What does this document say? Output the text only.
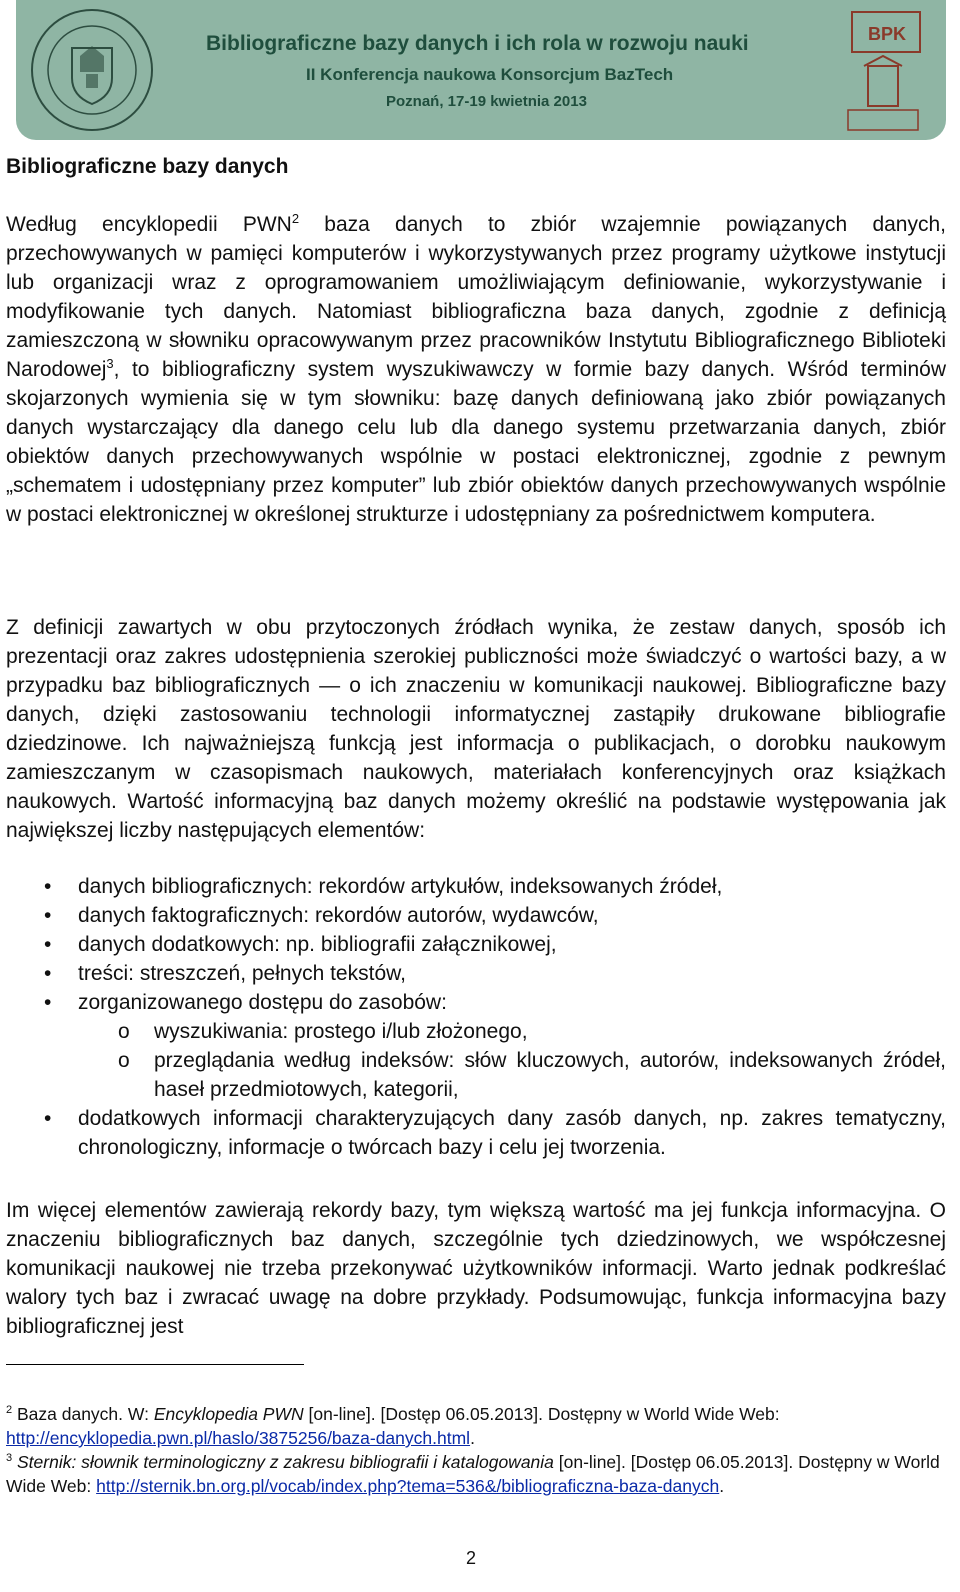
Bibliograficzne bazy danych i ich rola w rozwoju nauki
II Konferencja naukowa Konsorcjum BazTech
Poznań, 17-19 kwietnia 2013
BPK
Bibliograficzne bazy danych

Według encyklopedii PWN$^2$ baza danych to zbiór wzajemnie powiązanych danych, przechowywanych w pamięci komputerów i wykorzystywanych przez programy użytkowe instytucji lub organizacji wraz z oprogramowaniem umożliwiającym definiowanie, wykorzystywanie i modyfikowanie tych danych. Natomiast bibliograficzna baza danych, zgodnie z definicją zamieszczoną w słowniku opracowywanym przez pracowników Instytutu Bibliograficznego Biblioteki Narodowej$^3$, to bibliograficzny system wyszukiwawczy w formie bazy danych. Wśród terminów skojarzonych wymienia się w tym słowniku: bazę danych definiowaną jako zbiór powiązanych danych wystarczający dla danego celu lub dla danego systemu przetwarzania danych, zbiór obiektów danych przechowywanych wspólnie w postaci elektronicznej, zgodnie z pewnym „schematem i udostępniany przez komputer” lub zbiór obiektów danych przechowywanych wspólnie w postaci elektronicznej w określonej strukturze i udostępniany za pośrednictwem komputera.

Z definicji zawartych w obu przytoczonych źródłach wynika, że zestaw danych, sposób ich prezentacji oraz zakres udostępnienia szerokiej publiczności może świadczyć o wartości bazy, a w przypadku baz bibliograficznych — o ich znaczeniu w komunikacji naukowej. Bibliograficzne bazy danych, dzięki zastosowaniu technologii informatycznej zastąpiły drukowane bibliografie dziedzinowe. Ich najważniejszą funkcją jest informacja o publikacjach, o dorobku naukowym zamieszczanym w czasopismach naukowych, materiałach konferencyjnych oraz książkach naukowych. Wartość informacyjną baz danych możemy określić na podstawie występowania jak największej liczby następujących elementów:

• danych bibliograficznych: rekordów artykułów, indeksowanych źródeł,
• danych faktograficznych: rekordów autorów, wydawców,
• danych dodatkowych: np. bibliografii załącznikowej,
• treści: streszczeń, pełnych tekstów,
• zorganizowanego dostępu do zasobów:
o wyszukiwania: prostego i/lub złożonego,
o przeglądania według indeksów: słów kluczowych, autorów, indeksowanych źródeł, haseł przedmiotowych, kategorii,
• dodatkowych informacji charakteryzujących dany zasób danych, np. zakres tematyczny, chronologiczny, informacje o twórcach bazy i celu jej tworzenia.

Im więcej elementów zawierają rekordy bazy, tym większą wartość ma jej funkcja informacyjna. O znaczeniu bibliograficznych baz danych, szczególnie tych dziedzinowych, we współczesnej komunikacji naukowej nie trzeba przekonywać użytkowników informacji. Warto jednak podkreślać walory tych baz i zwracać uwagę na dobre przykłady. Podsumowując, funkcja informacyjna bazy bibliograficznej jest

$^2$ Baza danych. W: Encyklopedia PWN [on-line]. [Dostęp 06.05.2013]. Dostępny w World Wide Web: http://encyklopedia.pwn.pl/haslo/3875256/baza-danych.html.

$^3$ Sternik: słownik terminologiczny z zakresu bibliografii i katalogowania [on-line]. [Dostęp 06.05.2013]. Dostępny w World Wide Web: http://sternik.bn.org.pl/vocab/index.php?tema=536&/bibliograficzna-baza-danych.

2
